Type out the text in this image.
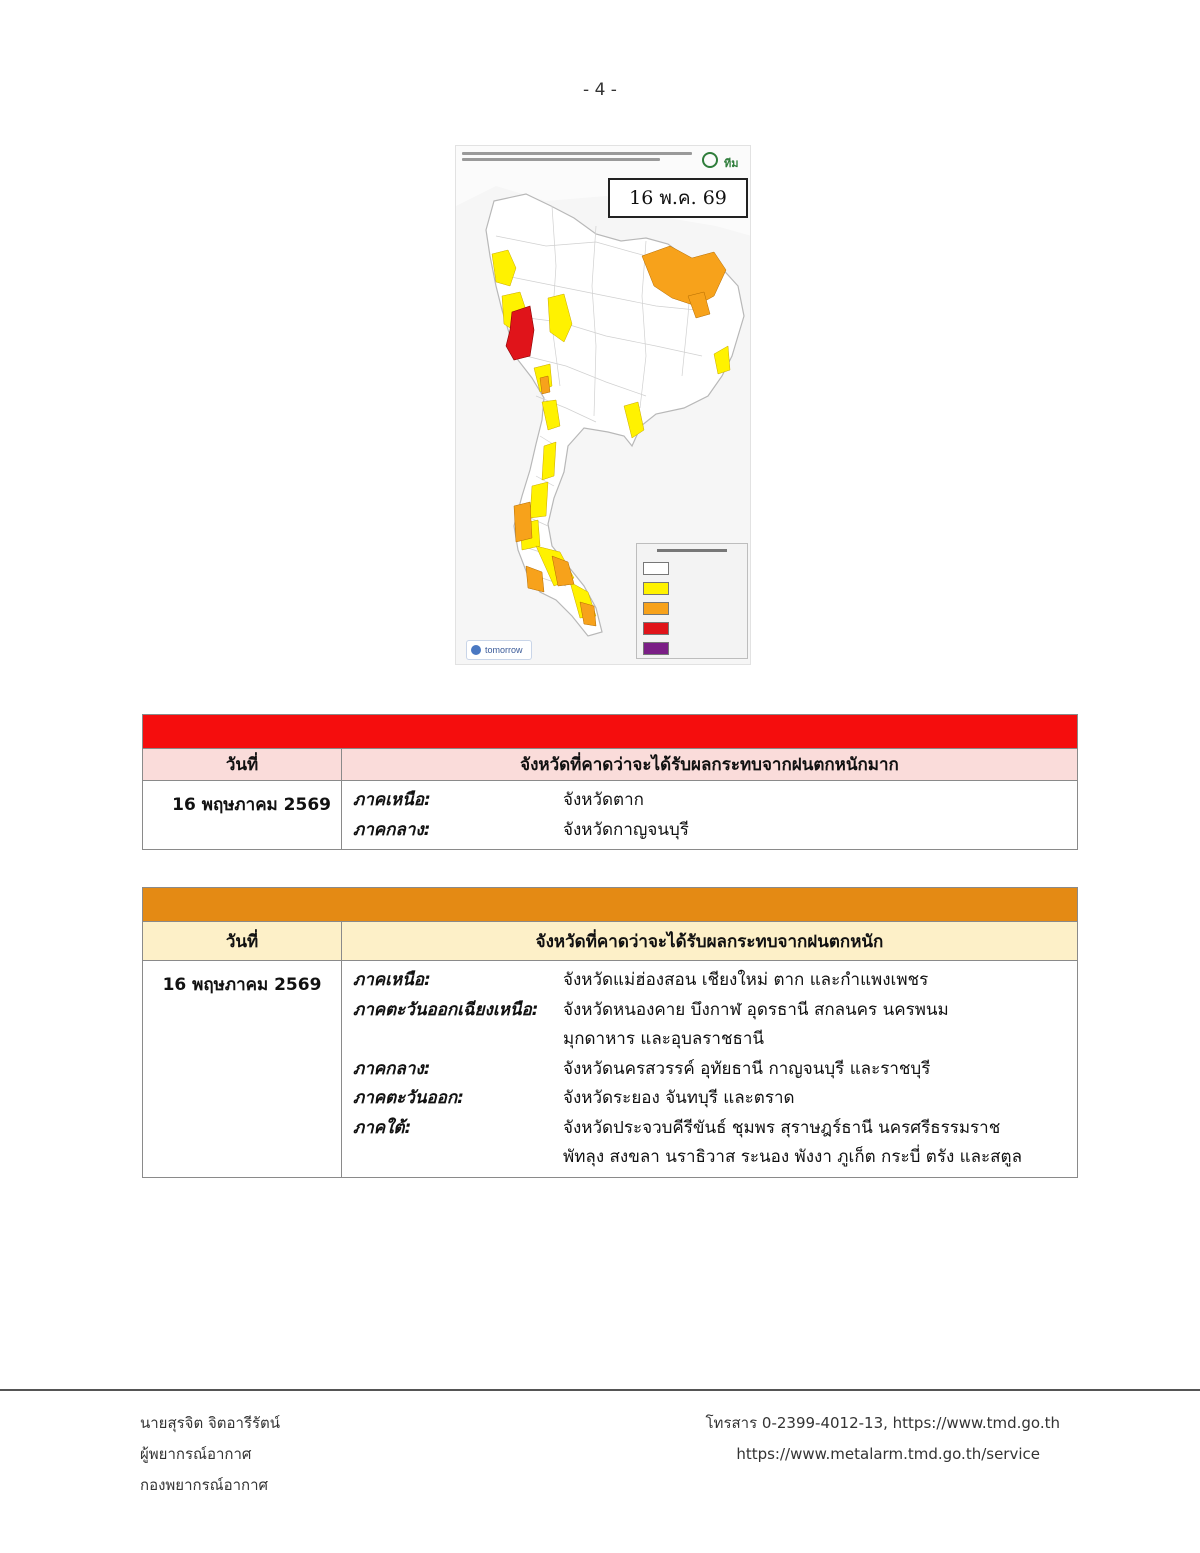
- 4 -
ทีม
16 พ.ค. 69
tomorrow
วันที่	จังหวัดที่คาดว่าจะได้รับผลกระทบจากฝนตกหนักมาก
16 พฤษภาคม 2569	ภาคเหนือ:	จังหวัดตาก
ภาคกลาง:	จังหวัดกาญจนบุรี
วันที่	จังหวัดที่คาดว่าจะได้รับผลกระทบจากฝนตกหนัก
16 พฤษภาคม 2569	ภาคเหนือ:	จังหวัดแม่ฮ่องสอน เชียงใหม่ ตาก และกำแพงเพชร
ภาคตะวันออกเฉียงเหนือ:	จังหวัดหนองคาย บึงกาฬ อุดรธานี สกลนคร นครพนม
มุกดาหาร และอุบลราชธานี
ภาคกลาง:	จังหวัดนครสวรรค์ อุทัยธานี กาญจนบุรี และราชบุรี
ภาคตะวันออก:	จังหวัดระยอง จันทบุรี และตราด
ภาคใต้:	จังหวัดประจวบคีรีขันธ์ ชุมพร สุราษฎร์ธานี นครศรีธรรมราช
พัทลุง สงขลา นราธิวาส ระนอง พังงา ภูเก็ต กระบี่ ตรัง และสตูล
นายสุรจิต จิตอารีรัตน์
ผู้พยากรณ์อากาศ
กองพยากรณ์อากาศ
โทรสาร 0-2399-4012-13, https://www.tmd.go.th
https://www.metalarm.tmd.go.th/service
